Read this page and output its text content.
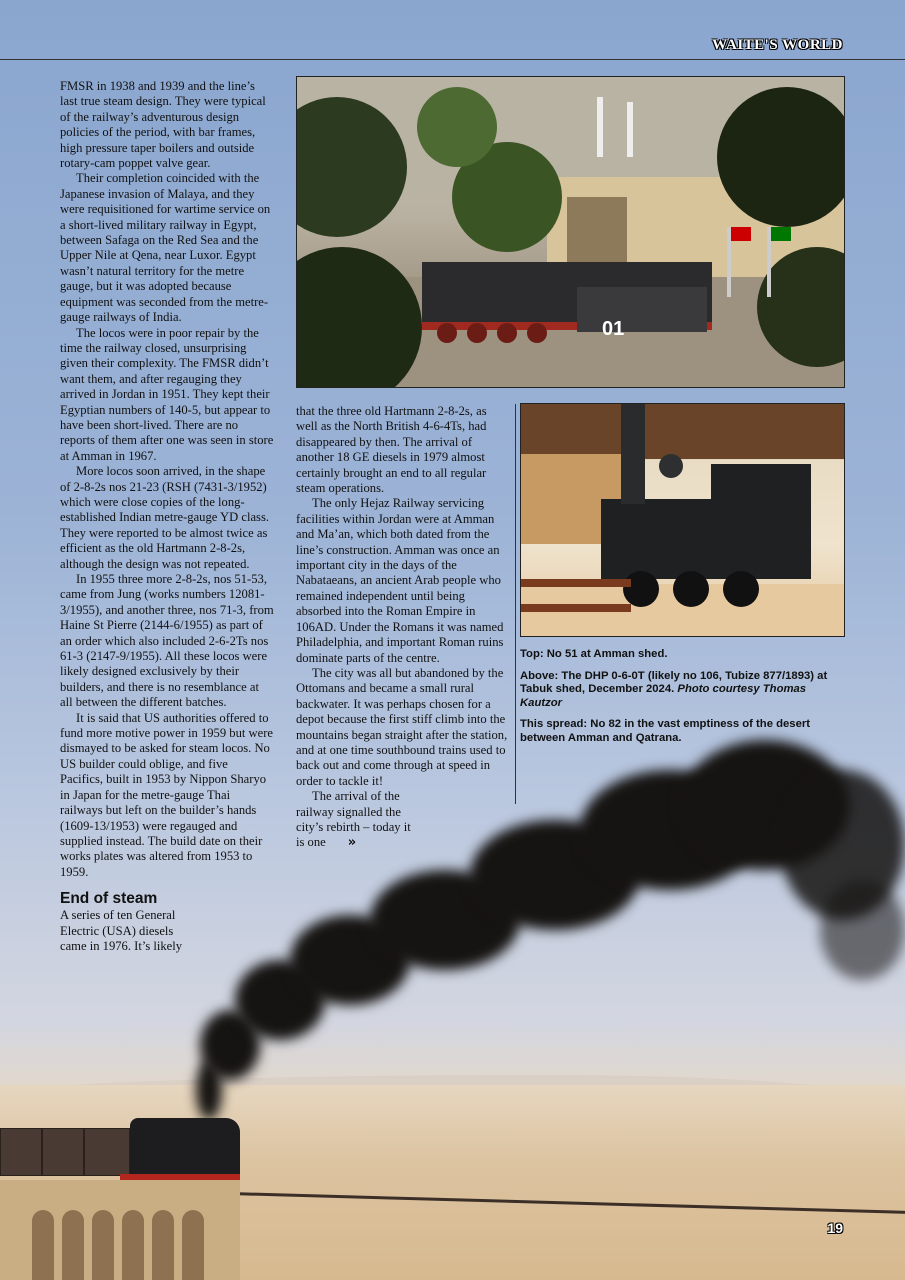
WAITE'S WORLD
01

FMSR in 1938 and 1939 and the line’s last true steam design. They were typical of the railway’s adventurous design policies of the period, with bar frames, high pressure taper boilers and outside rotary-cam poppet valve gear.

Their completion coincided with the Japanese invasion of Malaya, and they were requisitioned for wartime service on a short-lived military railway in Egypt, between Safaga on the Red Sea and the Upper Nile at Qena, near Luxor. Egypt wasn’t natural territory for the metre gauge, but it was adopted because equipment was seconded from the metre-gauge railways of India.

The locos were in poor repair by the time the railway closed, unsurprising given their complexity. The FMSR didn’t want them, and after regauging they arrived in Jordan in 1951. They kept their Egyptian numbers of 140-5, but appear to have been short-lived. There are no reports of them after one was seen in store at Amman in 1967.

More locos soon arrived, in the shape of 2-8-2s nos 21-23 (RSH (7431-3/1952) which were close copies of the long-established Indian metre-gauge YD class. They were reported to be almost twice as efficient as the old Hartmann 2-8-2s, although the design was not repeated.

In 1955 three more 2-8-2s, nos 51-53, came from Jung (works numbers 12081-3/1955), and another three, nos 71-3, from Haine St Pierre (2144-6/1955) as part of an order which also included 2-6-2Ts nos 61-3 (2147-9/1955). All these locos were likely designed exclusively by their builders, and there is no resemblance at all between the different batches.

It is said that US authorities offered to fund more motive power in 1959 but were dismayed to be asked for steam locos. No US builder could oblige, and five Pacifics, built in 1953 by Nippon Sharyo in Japan for the metre-gauge Thai railways but left on the builder’s hands (1609-13/1953) were regauged and supplied instead. The build date on their works plates was altered from 1953 to 1959.

End of steam

A series of ten General Electric (USA) diesels came in 1976. It’s likely

that the three old Hartmann 2-8-2s, as well as the North British 4-6-4Ts, had disappeared by then. The arrival of another 18 GE diesels in 1979 almost certainly brought an end to all regular steam operations.

The only Hejaz Railway servicing facilities within Jordan were at Amman and Ma’an, which both dated from the line’s construction. Amman was once an important city in the days of the Nabataeans, an ancient Arab people who remained independent until being absorbed into the Roman Empire in 106AD. Under the Romans it was named Philadelphia, and important Roman ruins dominate parts of the centre.

The city was all but abandoned by the Ottomans and became a small rural backwater. It was perhaps chosen for a depot because the first stiff climb into the mountains began straight after the station, and at one time southbound trains used to back out and come through at speed in order to tackle it!

The arrival of the railway signalled the city’s rebirth – today it is one »

Top: No 51 at Amman shed.

Above: The DHP 0-6-0T (likely no 106, Tubize 877/1893) at Tabuk shed, December 2024. Photo courtesy Thomas Kautzor

This spread: No 82 in the vast emptiness of the desert between Amman and Qatrana.

19
